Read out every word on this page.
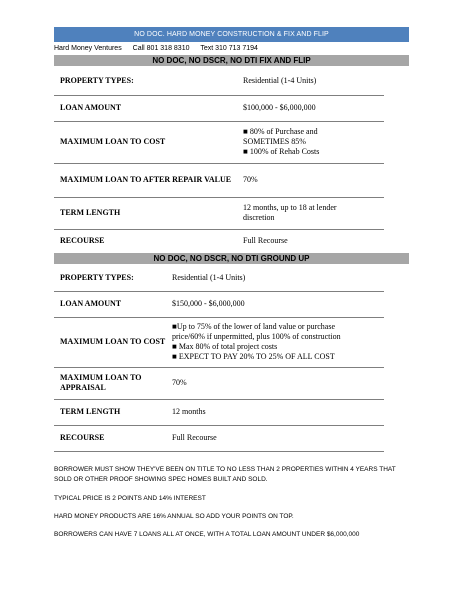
NO DOC. HARD MONEY CONSTRUCTION & FIX AND FLIP
Hard Money Ventures Call 801 318 8310 Text 310 713 7194
NO DOC, NO DSCR, NO DTI FIX AND FLIP
PROPERTY TYPES:	Residential (1-4 Units)
LOAN AMOUNT	$100,000 - $6,000,000
MAXIMUM LOAN TO COST	■ 80% of Purchase and
SOMETIMES 85%
■ 100% of Rehab Costs

MAXIMUM LOAN TO AFTER REPAIR VALUE	70%
TERM LENGTH	12 months, up to 18 at lender
discretion

RECOURSE	Full Recourse
NO DOC, NO DSCR, NO DTI GROUND UP
PROPERTY TYPES:	Residential (1-4 Units)
LOAN AMOUNT	$150,000 - $6,000,000
MAXIMUM LOAN TO COST	■Up to 75% of the lower of land value or purchase
price/60% if unpermitted, plus 100% of construction
■ Max 80% of total project costs
■ EXPECT TO PAY 20% TO 25% OF ALL COST

MAXIMUM LOAN TO APPRAISAL	70%
TERM LENGTH	12 months
RECOURSE	Full Recourse
BORROWER MUST SHOW THEY'VE BEEN ON TITLE TO NO LESS THAN 2 PROPERTIES WITHIN 4 YEARS THAT SOLD OR OTHER PROOF SHOWING SPEC HOMES BUILT AND SOLD.
TYPICAL PRICE IS 2 POINTS AND 14% INTEREST
HARD MONEY PRODUCTS ARE 16% ANNUAL SO ADD YOUR POINTS ON TOP.
BORROWERS CAN HAVE 7 LOANS ALL AT ONCE, WITH A TOTAL LOAN AMOUNT UNDER $6,000,000
